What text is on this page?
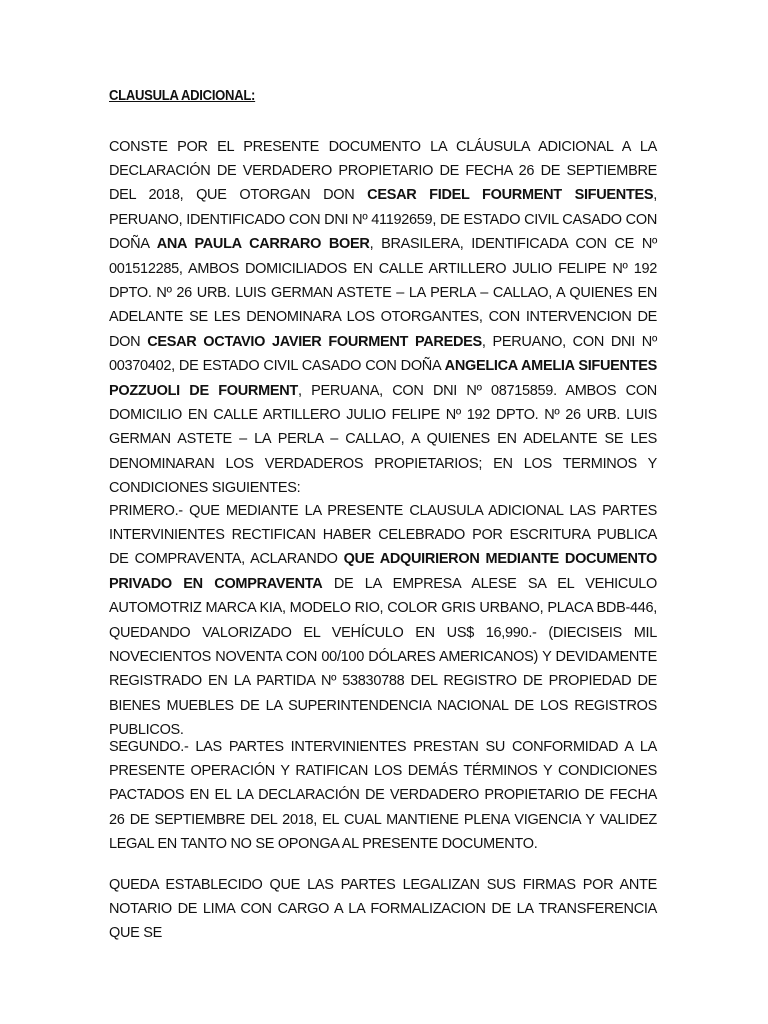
CLAUSULA ADICIONAL:

CONSTE POR EL PRESENTE DOCUMENTO LA CLÁUSULA ADICIONAL A LA DECLARACIÓN DE VERDADERO PROPIETARIO DE FECHA 26 DE SEPTIEMBRE DEL 2018, QUE OTORGAN DON CESAR FIDEL FOURMENT SIFUENTES, PERUANO, IDENTIFICADO CON DNI Nº 41192659, DE ESTADO CIVIL CASADO CON DOÑA ANA PAULA CARRARO BOER, BRASILERA, IDENTIFICADA CON CE Nº 001512285, AMBOS DOMICILIADOS EN CALLE ARTILLERO JULIO FELIPE Nº 192 DPTO. Nº 26 URB. LUIS GERMAN ASTETE – LA PERLA – CALLAO, A QUIENES EN ADELANTE SE LES DENOMINARA LOS OTORGANTES, CON INTERVENCION DE DON CESAR OCTAVIO JAVIER FOURMENT PAREDES, PERUANO, CON DNI Nº 00370402, DE ESTADO CIVIL CASADO CON DOÑA ANGELICA AMELIA SIFUENTES POZZUOLI DE FOURMENT, PERUANA, CON DNI Nº 08715859. AMBOS CON DOMICILIO EN CALLE ARTILLERO JULIO FELIPE Nº 192 DPTO. Nº 26 URB. LUIS GERMAN ASTETE – LA PERLA – CALLAO, A QUIENES EN ADELANTE SE LES DENOMINARAN LOS VERDADEROS PROPIETARIOS; EN LOS TERMINOS Y CONDICIONES SIGUIENTES:

PRIMERO.- QUE MEDIANTE LA PRESENTE CLAUSULA ADICIONAL LAS PARTES INTERVINIENTES RECTIFICAN HABER CELEBRADO POR ESCRITURA PUBLICA DE COMPRAVENTA, ACLARANDO QUE ADQUIRIERON MEDIANTE DOCUMENTO PRIVADO EN COMPRAVENTA DE LA EMPRESA ALESE SA EL VEHICULO AUTOMOTRIZ MARCA KIA, MODELO RIO, COLOR GRIS URBANO, PLACA BDB-446, QUEDANDO VALORIZADO EL VEHÍCULO EN US$ 16,990.- (DIECISEIS MIL NOVECIENTOS NOVENTA CON 00/100 DÓLARES AMERICANOS) Y DEVIDAMENTE REGISTRADO EN LA PARTIDA Nº 53830788 DEL REGISTRO DE PROPIEDAD DE BIENES MUEBLES DE LA SUPERINTENDENCIA NACIONAL DE LOS REGISTROS PUBLICOS.

SEGUNDO.- LAS PARTES INTERVINIENTES PRESTAN SU CONFORMIDAD A LA PRESENTE OPERACIÓN Y RATIFICAN LOS DEMÁS TÉRMINOS Y CONDICIONES PACTADOS EN EL LA DECLARACIÓN DE VERDADERO PROPIETARIO DE FECHA 26 DE SEPTIEMBRE DEL 2018, EL CUAL MANTIENE PLENA VIGENCIA Y VALIDEZ LEGAL EN TANTO NO SE OPONGA AL PRESENTE DOCUMENTO.

QUEDA ESTABLECIDO QUE LAS PARTES LEGALIZAN SUS FIRMAS POR ANTE NOTARIO DE LIMA CON CARGO A LA FORMALIZACION DE LA TRANSFERENCIA QUE SE
